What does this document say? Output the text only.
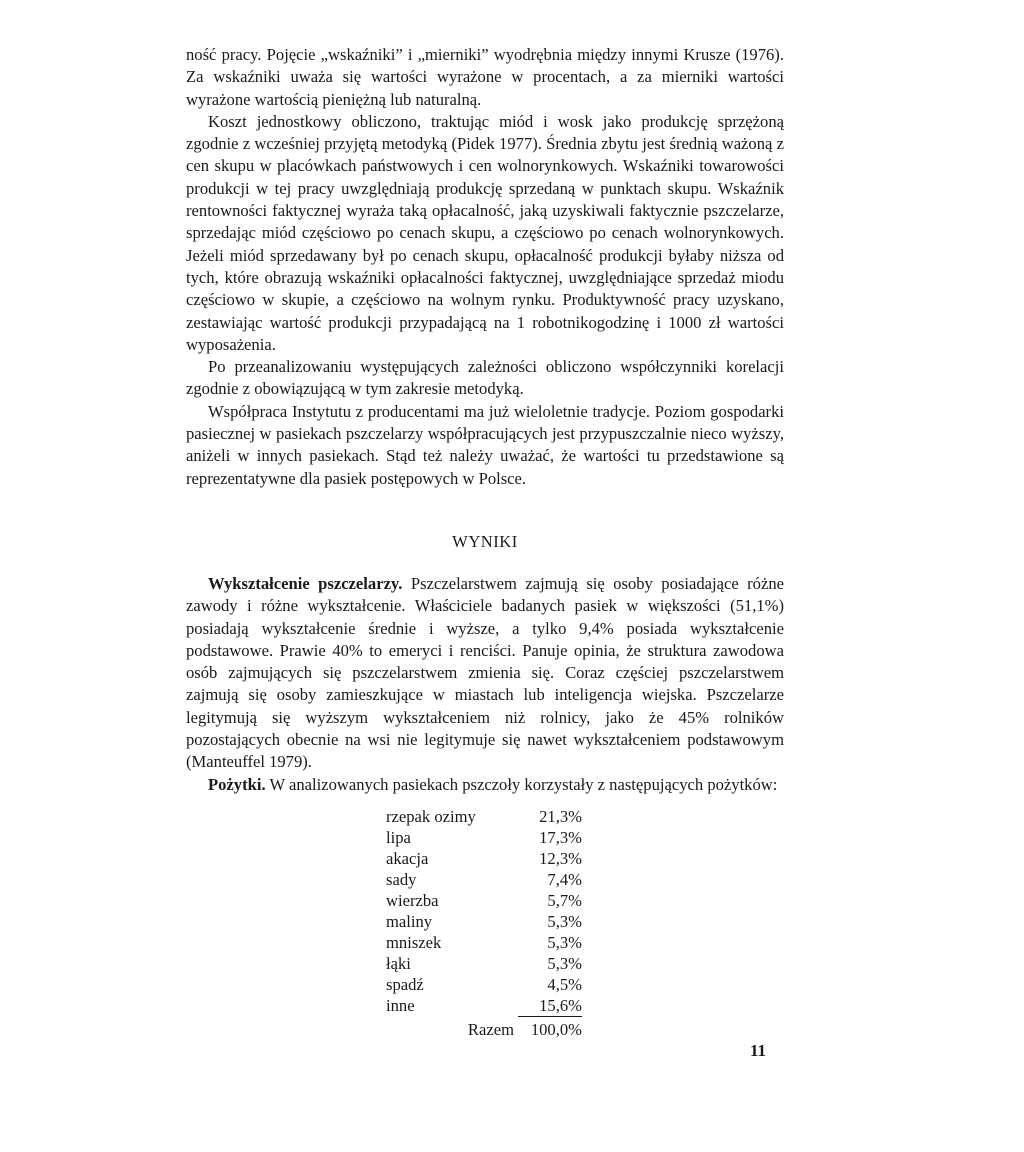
ność pracy. Pojęcie „wskaźniki” i „mierniki” wyodrębnia między innymi Krusze (1976). Za wskaźniki uważa się wartości wyrażone w procentach, a za mierniki wartości wyrażone wartością pieniężną lub naturalną.

Koszt jednostkowy obliczono, traktując miód i wosk jako produkcję sprzężoną zgodnie z wcześniej przyjętą metodyką (Pidek 1977). Średnia zbytu jest średnią ważoną z cen skupu w placówkach państwowych i cen wolnorynkowych. Wskaźniki towarowości produkcji w tej pracy uwzględniają produkcję sprzedaną w punktach skupu. Wskaźnik rentowności faktycznej wyraża taką opłacalność, jaką uzyskiwali faktycznie pszczelarze, sprzedając miód częściowo po cenach skupu, a częściowo po cenach wolnorynkowych. Jeżeli miód sprzedawany był po cenach skupu, opłacalność produkcji byłaby niższa od tych, które obrazują wskaźniki opłacalności faktycznej, uwzględniające sprzedaż miodu częściowo w skupie, a częściowo na wolnym rynku. Produktywność pracy uzyskano, zestawiając wartość produkcji przypadającą na 1 robotnikogodzinę i 1000 zł wartości wyposażenia.

Po przeanalizowaniu występujących zależności obliczono współczynniki korelacji zgodnie z obowiązującą w tym zakresie metodyką.

Współpraca Instytutu z producentami ma już wieloletnie tradycje. Poziom gospodarki pasiecznej w pasiekach pszczelarzy współpracujących jest przypuszczalnie nieco wyższy, aniżeli w innych pasiekach. Stąd też należy uważać, że wartości tu przedstawione są reprezentatywne dla pasiek postępowych w Polsce.

WYNIKI

Wykształcenie pszczelarzy. Pszczelarstwem zajmują się osoby posiadające różne zawody i różne wykształcenie. Właściciele badanych pasiek w większości (51,1%) posiadają wykształcenie średnie i wyższe, a tylko 9,4% posiada wykształcenie podstawowe. Prawie 40% to emeryci i renciści. Panuje opinia, że struktura zawodowa osób zajmujących się pszczelarstwem zmienia się. Coraz częściej pszczelarstwem zajmują się osoby zamieszkujące w miastach lub inteligencja wiejska. Pszczelarze legitymują się wyższym wykształceniem niż rolnicy, jako że 45% rolników pozostających obecnie na wsi nie legitymuje się nawet wykształceniem podstawowym (Manteuffel 1979).

Pożytki. W analizowanych pasiekach pszczoły korzystały z następujących pożytków:

rzepak ozimy	21,3%
lipa	17,3%
akacja	12,3%
sady	7,4%
wierzba	5,7%
maliny	5,3%
mniszek	5,3%
łąki	5,3%
spadź	4,5%
inne	15,6%
Razem	100,0%
11
